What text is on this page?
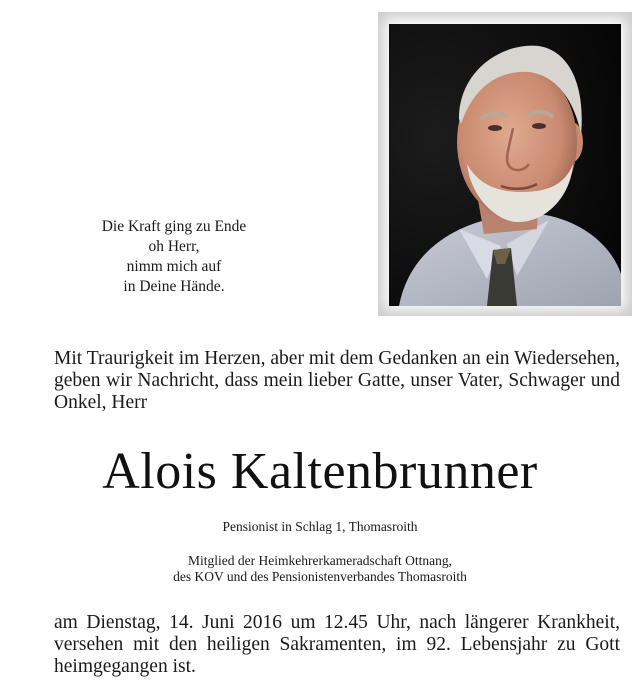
Die Kraft ging zu Ende
oh Herr,
nimm mich auf
in Deine Hände.
Mit Traurigkeit im Herzen, aber mit dem Gedanken an ein Wiedersehen, geben wir Nachricht, dass mein lieber Gatte, unser Vater, Schwager und Onkel, Herr
Alois Kaltenbrunner
Pensionist in Schlag 1, Thomasroith
Mitglied der Heimkehrerkameradschaft Ottnang,
des KOV und des Pensionistenverbandes Thomasroith
am Dienstag, 14. Juni 2016 um 12.45 Uhr, nach längerer Krankheit, versehen mit den heiligen Sakramenten, im 92. Lebensjahr zu Gott heimgegangen ist.
